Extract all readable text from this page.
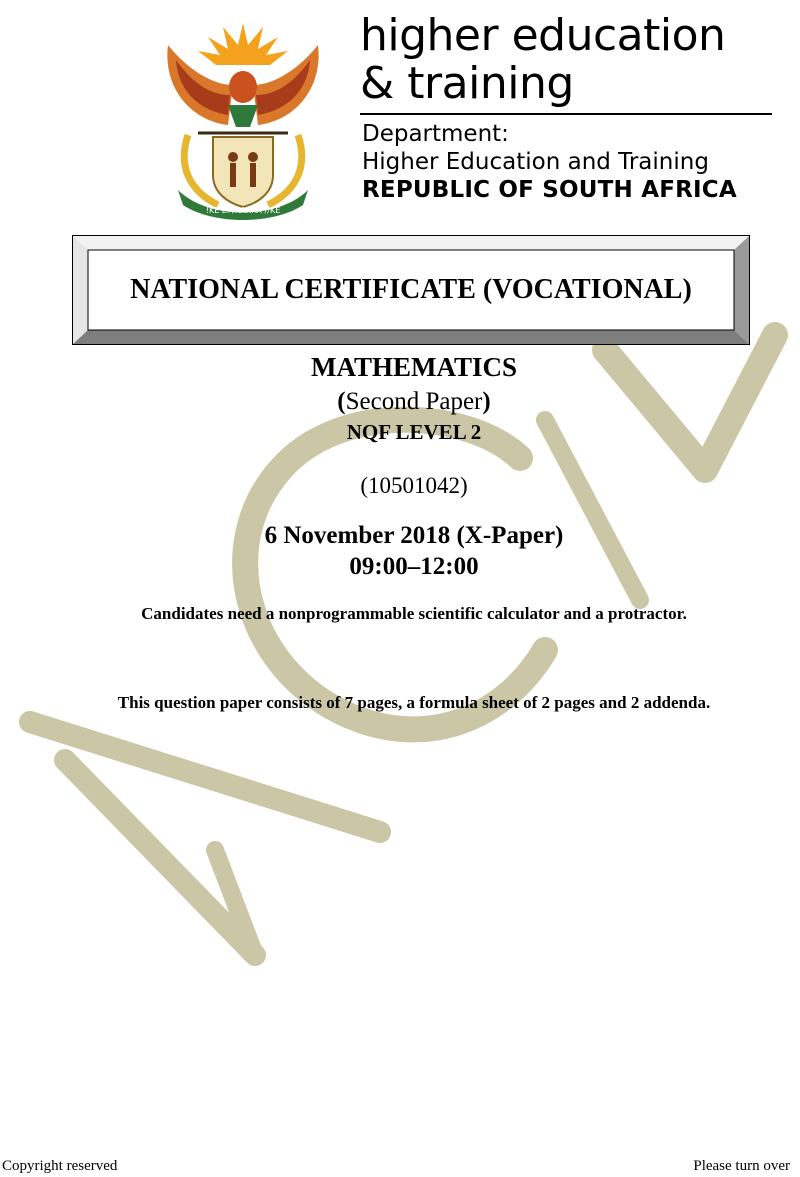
!KE E: /XARRA //KE
higher education
& training
Department:
Higher Education and Training
REPUBLIC OF SOUTH AFRICA
NATIONAL CERTIFICATE (VOCATIONAL)
MATHEMATICS
(Second Paper)
NQF LEVEL 2
(10501042)
6 November 2018 (X-Paper)
09:00–12:00
Candidates need a nonprogrammable scientific calculator and a protractor.
This question paper consists of 7 pages, a formula sheet of 2 pages and 2 addenda.
Copyright reserved	Please turn over
